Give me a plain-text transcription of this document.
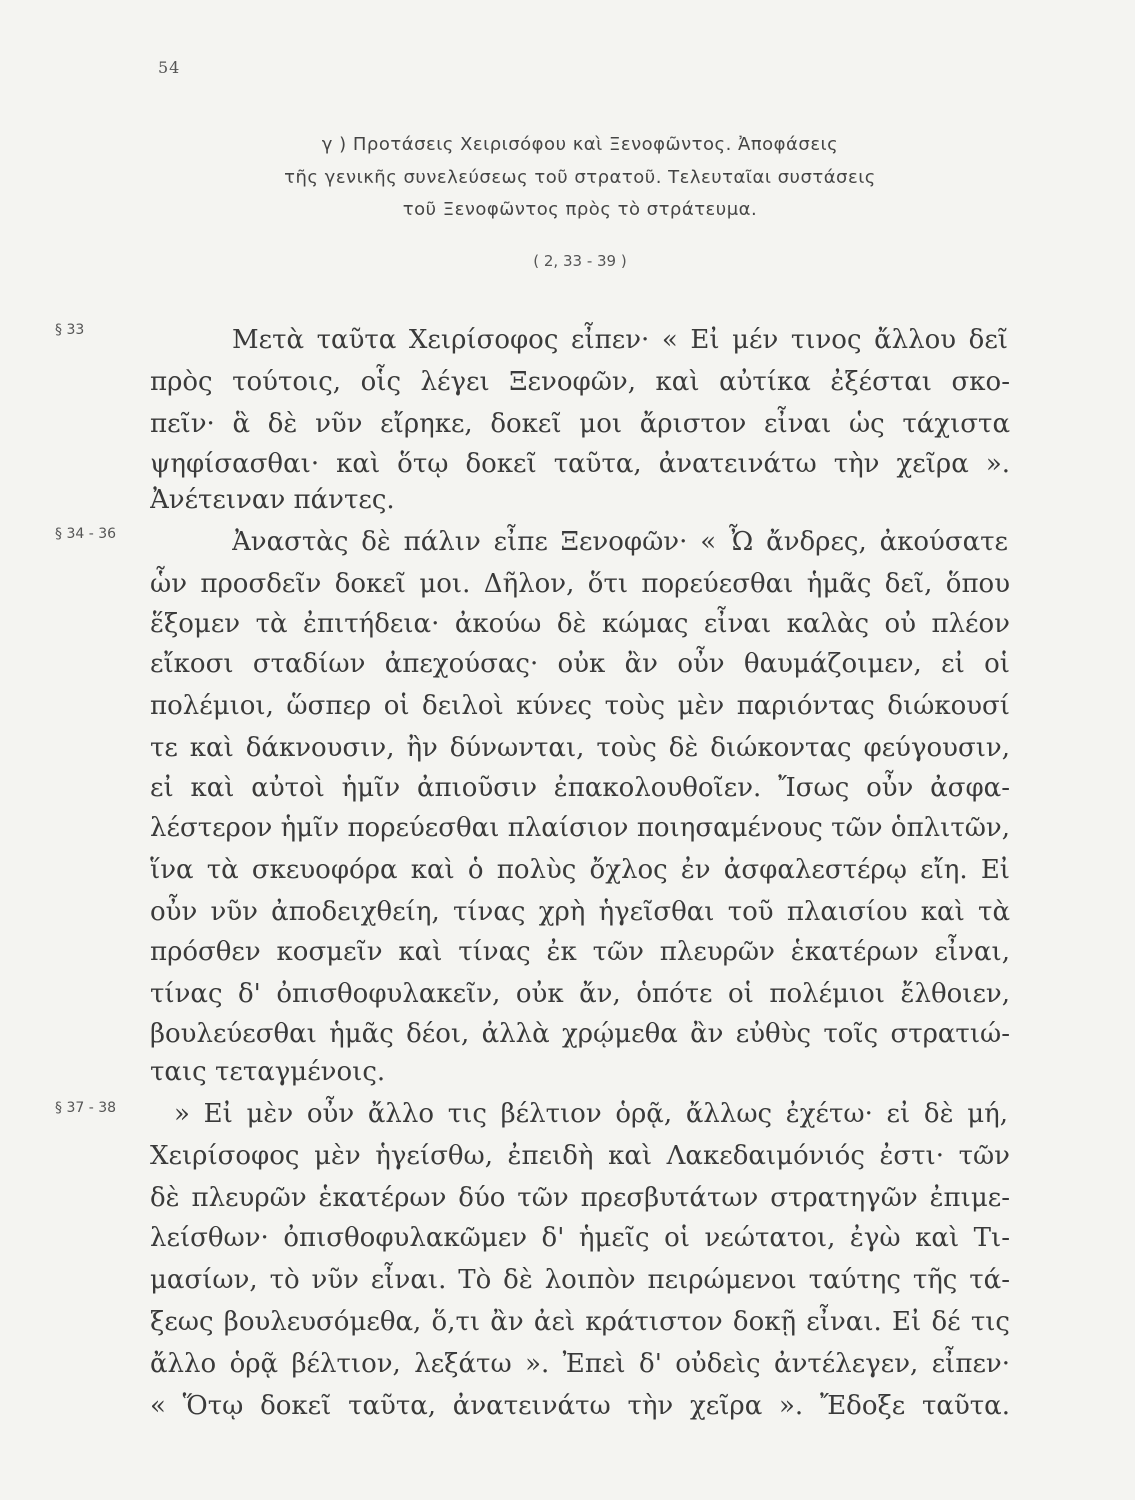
54
γ ) Προτάσεις Χειρισόφου καὶ Ξενοφῶντος. Ἀποφάσεις
τῆς γενικῆς συνελεύσεως τοῦ στρατοῦ. Τελευταῖαι συστάσεις
τοῦ Ξενοφῶντος πρὸς τὸ στράτευμα.
( 2, 33 - 39 )
§ 33	Μετὰ ταῦτα Χειρίσοφος εἶπεν· « Εἰ μέν τινος ἄλλου δεῖ
πρὸς τούτοις, οἷς λέγει Ξενοφῶν, καὶ αὐτίκα ἐξέσται σκο-
πεῖν· ἃ δὲ νῦν εἴρηκε, δοκεῖ μοι ἄριστον εἶναι ὡς τάχιστα
ψηφίσασθαι· καὶ ὅτῳ δοκεῖ ταῦτα, ἀνατεινάτω τὴν χεῖρα ».
Ἀνέτειναν πάντες.
§ 34 - 36	Ἀναστὰς δὲ πάλιν εἶπε Ξενοφῶν· « Ὦ ἄνδρες, ἀκούσατε
ὧν προσδεῖν δοκεῖ μοι. Δῆλον, ὅτι πορεύεσθαι ἡμᾶς δεῖ, ὅπου
ἕξομεν τὰ ἐπιτήδεια· ἀκούω δὲ κώμας εἶναι καλὰς οὐ πλέον
εἴκοσι σταδίων ἀπεχούσας· οὐκ ἂν οὖν θαυμάζοιμεν, εἰ οἱ
πολέμιοι, ὥσπερ οἱ δειλοὶ κύνες τοὺς μὲν παριόντας διώκουσί
τε καὶ δάκνουσιν, ἢν δύνωνται, τοὺς δὲ διώκοντας φεύγουσιν,
εἰ καὶ αὐτοὶ ἡμῖν ἀπιοῦσιν ἐπακολουθοῖεν. Ἴσως οὖν ἀσφα-
λέστερον ἡμῖν πορεύεσθαι πλαίσιον ποιησαμένους τῶν ὁπλιτῶν,
ἵνα τὰ σκευοφόρα καὶ ὁ πολὺς ὄχλος ἐν ἀσφαλεστέρῳ εἴη. Εἰ
οὖν νῦν ἀποδειχθείη, τίνας χρὴ ἡγεῖσθαι τοῦ πλαισίου καὶ τὰ
πρόσθεν κοσμεῖν καὶ τίνας ἐκ τῶν πλευρῶν ἑκατέρων εἶναι,
τίνας δ' ὀπισθοφυλακεῖν, οὐκ ἄν, ὁπότε οἱ πολέμιοι ἔλθοιεν,
βουλεύεσθαι ἡμᾶς δέοι, ἀλλὰ χρῴμεθα ἂν εὐθὺς τοῖς στρατιώ-
ταις τεταγμένοις.
§ 37 - 38 » Εἰ μὲν οὖν ἄλλο τις βέλτιον ὁρᾷ, ἄλλως ἐχέτω· εἰ δὲ μή,
Χειρίσοφος μὲν ἡγείσθω, ἐπειδὴ καὶ Λακεδαιμόνιός ἐστι· τῶν
δὲ πλευρῶν ἑκατέρων δύο τῶν πρεσβυτάτων στρατηγῶν ἐπιμε-
λείσθων· ὀπισθοφυλακῶμεν δ' ἡμεῖς οἱ νεώτατοι, ἐγὼ καὶ Τι-
μασίων, τὸ νῦν εἶναι. Τὸ δὲ λοιπὸν πειρώμενοι ταύτης τῆς τά-
ξεως βουλευσόμεθα, ὅ,τι ἂν ἀεὶ κράτιστον δοκῇ εἶναι. Εἰ δέ τις
ἄλλο ὁρᾷ βέλτιον, λεξάτω ». Ἐπεὶ δ' οὐδεὶς ἀντέλεγεν, εἶπεν·
« Ὅτῳ δοκεῖ ταῦτα, ἀνατεινάτω τὴν χεῖρα ». Ἔδοξε ταῦτα.
